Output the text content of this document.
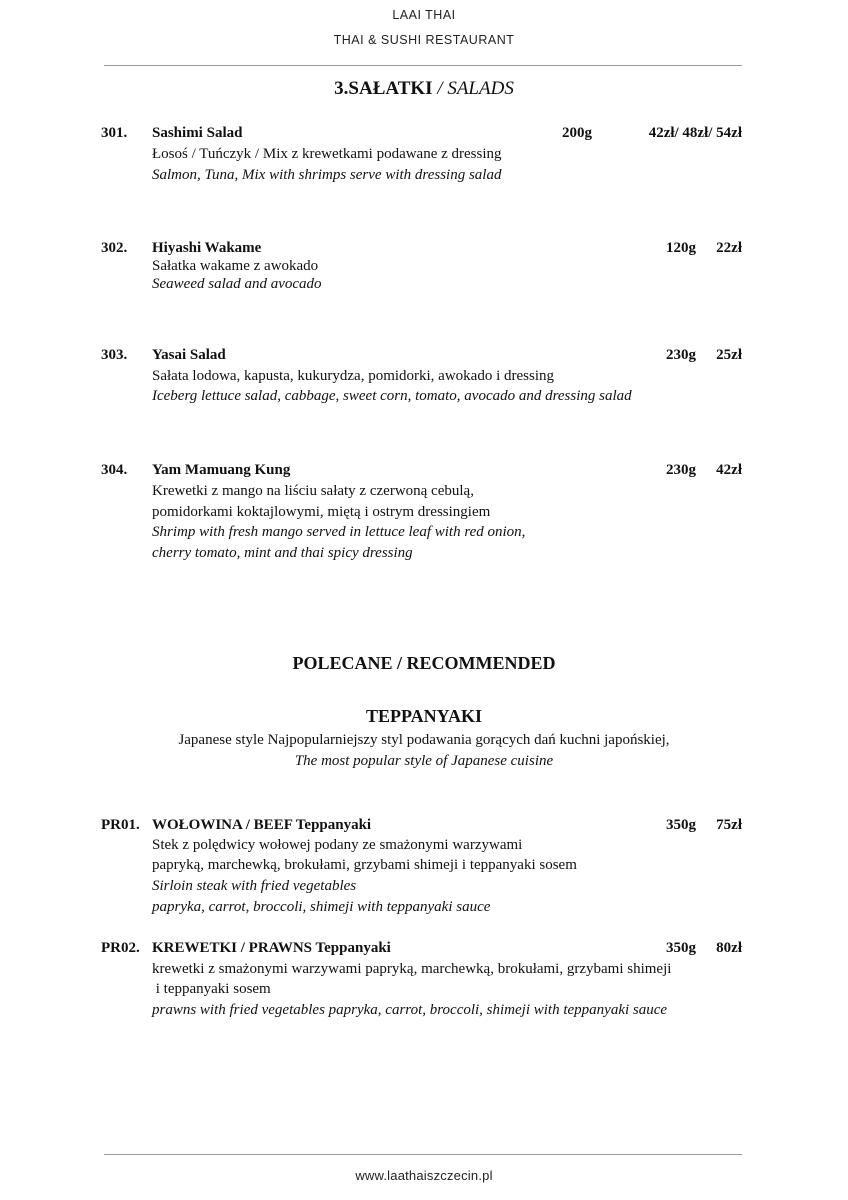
LAAI THAI
THAI & SUSHI RESTAURANT
3.SAŁATKI / SALADS
301. Sashimi Salad	200g	42zł/ 48zł/ 54zł
Łosoś / Tuńczyk / Mix z krewetkami podawane z dressing
Salmon, Tuna, Mix with shrimps serve with dressing salad
302. Hiyashi Wakame	120g 22zł
Sałatka wakame z awokado
Seaweed salad and avocado
303. Yasai Salad	230g 25zł
Sałata lodowa, kapusta, kukurydza, pomidorki, awokado i dressing
Iceberg lettuce salad, cabbage, sweet corn, tomato, avocado and dressing salad
304. Yam Mamuang Kung	230g 42zł
Krewetki z mango na liściu sałaty z czerwoną cebulą,
pomidorkami koktajlowymi, miętą i ostrym dressingiem
Shrimp with fresh mango served in lettuce leaf with red onion,
cherry tomato, mint and thai spicy dressing
POLECANE / RECOMMENDED
TEPPANYAKI
Japanese style Najpopularniejszy styl podawania gorących dań kuchni japońskiej,
The most popular style of Japanese cuisine
PR01. WOŁOWINA / BEEF Teppanyaki	350g 75zł
Stek z polędwicy wołowej podany ze smażonymi warzywami
papryką, marchewką, brokułami, grzybami shimeji i teppanyaki sosem
Sirloin steak with fried vegetables
papryka, carrot, broccoli, shimeji with teppanyaki sauce
PR02. KREWETKI / PRAWNS Teppanyaki	350g 80zł
krewetki z smażonymi warzywami papryką, marchewką, brokułami, grzybami shimeji
i teppanyaki sosem
prawns with fried vegetables papryka, carrot, broccoli, shimeji with teppanyaki sauce
www.laathaiszczecin.pl
